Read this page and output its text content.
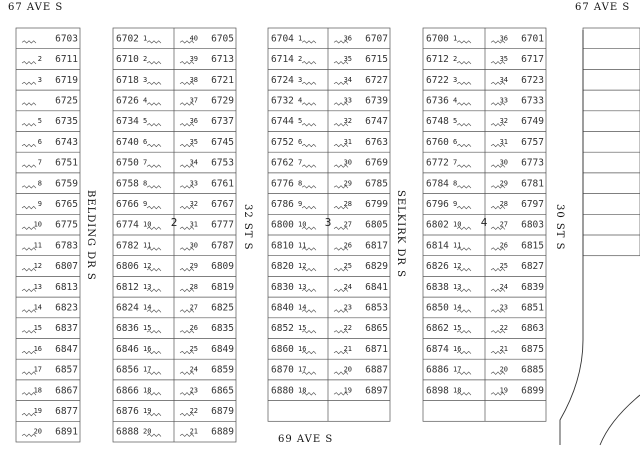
6703
2 6711
3 6719
6725
5 6735
6 6743
7 6751
8 6759
9 6765
10 6775
11 6783
12 6807
13 6813
14 6823
15 6837
16 6847
17 6857
18 6867
19 6877
20 6891
6702 1	40 6705
6710 2	39 6713
6718 3	38 6721
6726 4	37 6729
6734 5	36 6737
6740 6	35 6745
6750 7	34 6753
6758 8	33 6761
6766 9	32 6767
6774 10	31 6777
6782 11	30 6787
6806 12	29 6809
6812 13	28 6819
6824 14	27 6825
6836 15	26 6835
6846 16	25 6849
6856 17	24 6859
6866 18	23 6865
6876 19	22 6879
6888 20	21 6889
2
6704 1	36 6707
6714 2	35 6715
6724 3	34 6727
6732 4	33 6739
6744 5	32 6747
6752 6	31 6763
6762 7	30 6769
6776 8	29 6785
6786 9	28 6799
6800 10	27 6805
6810 11	26 6817
6820 12	25 6829
6830 13	24 6841
6840 14	23 6853
6852 15	22 6865
6860 16	21 6871
6870 17	20 6887
6880 18	19 6897
3
6700 1	36 6701
6712 2	35 6717
6722 3	34 6723
6736 4	33 6733
6748 5	32 6749
6760 6	31 6757
6772 7	30 6773
6784 8	29 6781
6796 9	28 6797
6802 10	27 6803
6814 11	26 6815
6826 12	25 6827
6838 13	24 6839
6850 14	23 6851
6862 15	22 6863
6874 16	21 6875
6886 17	20 6885
6898 18	19 6899
4
67 AVE S	67 AVE S
69 AVE S
BELDING DR S	32 ST S	SELKIRK DR S	30 ST S
